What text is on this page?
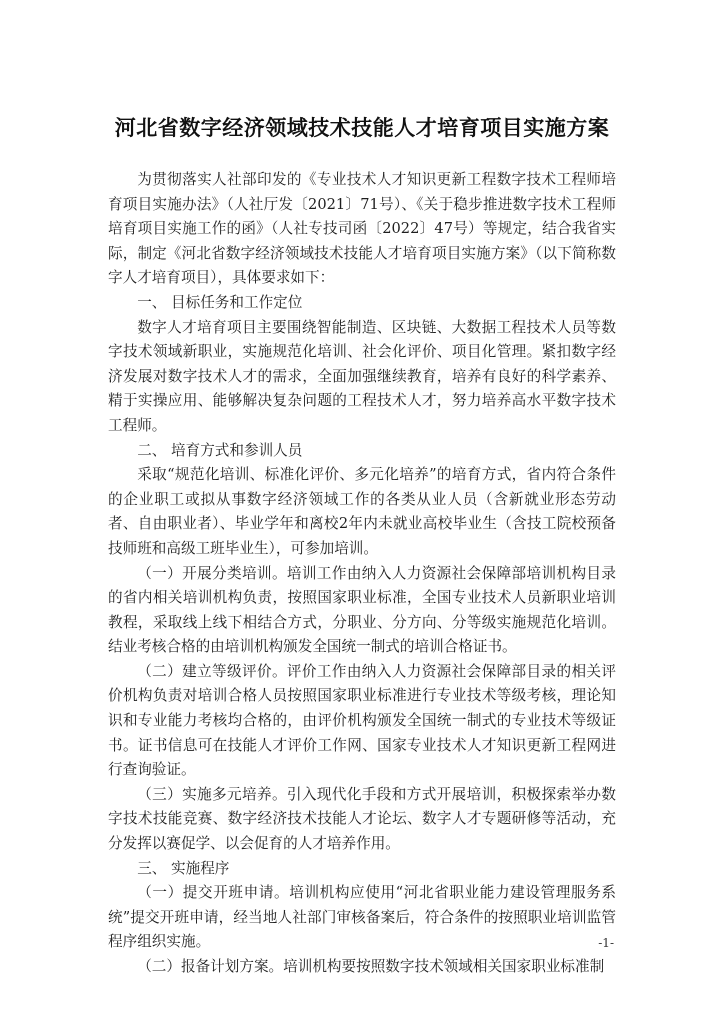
河北省数字经济领域技术技能人才培育项目实施方案

为贯彻落实人社部印发的《专业技术人才知识更新工程数字技术工程师培育项目实施办法》（人社厅发〔2021〕71号）、《关于稳步推进数字技术工程师培育项目实施工作的函》（人社专技司函〔2022〕47号）等规定，结合我省实际，制定《河北省数字经济领域技术技能人才培育项目实施方案》（以下简称数字人才培育项目），具体要求如下：

一、 目标任务和工作定位

数字人才培育项目主要围绕智能制造、区块链、大数据工程技术人员等数字技术领域新职业，实施规范化培训、社会化评价、项目化管理。紧扣数字经济发展对数字技术人才的需求，全面加强继续教育，培养有良好的科学素养、精于实操应用、能够解决复杂问题的工程技术人才，努力培养高水平数字技术工程师。

二、 培育方式和参训人员

采取“规范化培训、标准化评价、多元化培养”的培育方式，省内符合条件的企业职工或拟从事数字经济领域工作的各类从业人员（含新就业形态劳动者、自由职业者）、毕业学年和离校2年内未就业高校毕业生（含技工院校预备技师班和高级工班毕业生），可参加培训。

（一）开展分类培训。培训工作由纳入人力资源社会保障部培训机构目录的省内相关培训机构负责，按照国家职业标准，全国专业技术人员新职业培训教程，采取线上线下相结合方式，分职业、分方向、分等级实施规范化培训。结业考核合格的由培训机构颁发全国统一制式的培训合格证书。

（二）建立等级评价。评价工作由纳入人力资源社会保障部目录的相关评价机构负责对培训合格人员按照国家职业标准进行专业技术等级考核，理论知识和专业能力考核均合格的，由评价机构颁发全国统一制式的专业技术等级证书。证书信息可在技能人才评价工作网、国家专业技术人才知识更新工程网进行查询验证。

（三）实施多元培养。引入现代化手段和方式开展培训，积极探索举办数字技术技能竞赛、数字经济技术技能人才论坛、数字人才专题研修等活动，充分发挥以赛促学、以会促育的人才培养作用。

三、 实施程序

（一）提交开班申请。培训机构应使用“河北省职业能力建设管理服务系统”提交开班申请，经当地人社部门审核备案后，符合条件的按照职业培训监管程序组织实施。

（二）报备计划方案。培训机构要按照数字技术领域相关国家职业标准制

-1-
